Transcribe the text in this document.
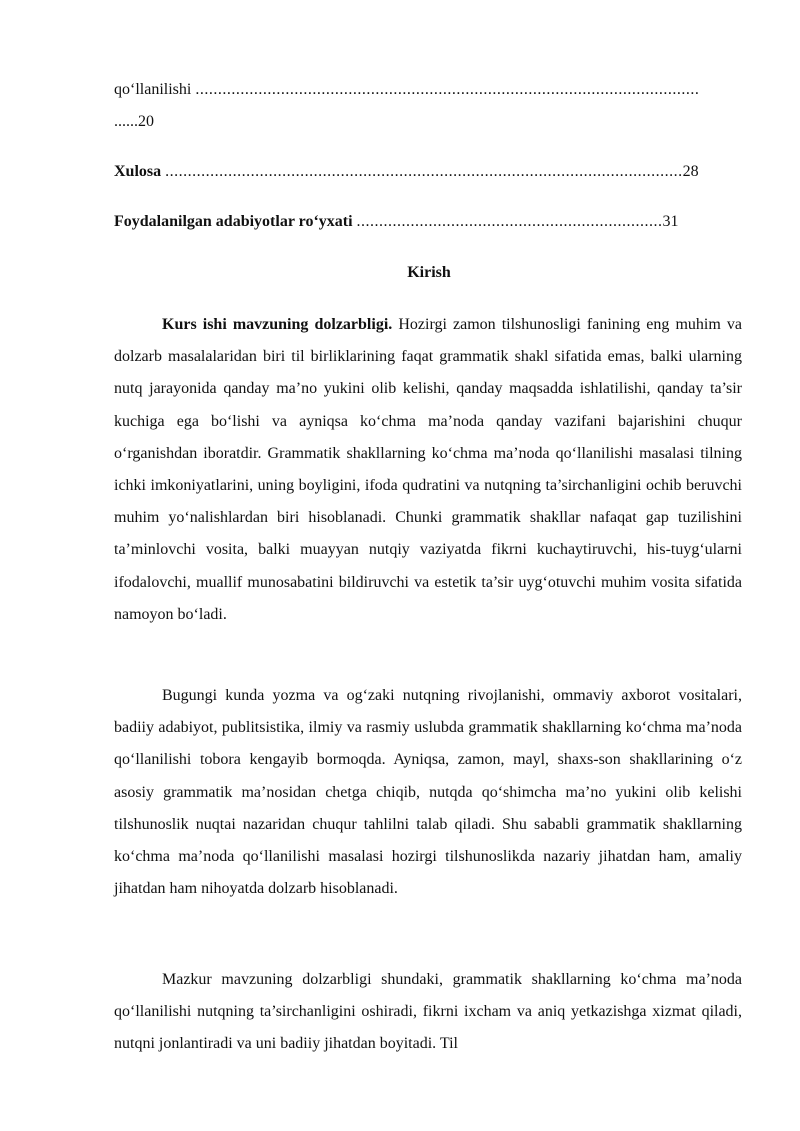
qo‘llanilishi ................................................................................................................
......20
Xulosa ...................................................................................................................28
Foydalanilgan adabiyotlar ro‘yxati ....................................................................31
Kirish

Kurs ishi mavzuning dolzarbligi. Hozirgi zamon tilshunosligi fanining eng muhim va dolzarb masalalaridan biri til birliklarining faqat grammatik shakl sifatida emas, balki ularning nutq jarayonida qanday ma’no yukini olib kelishi, qanday maqsadda ishlatilishi, qanday ta’sir kuchiga ega bo‘lishi va ayniqsa ko‘chma ma’noda qanday vazifani bajarishini chuqur o‘rganishdan iboratdir. Grammatik shakllarning ko‘chma ma’noda qo‘llanilishi masalasi tilning ichki imkoniyatlarini, uning boyligini, ifoda qudratini va nutqning ta’sirchanligini ochib beruvchi muhim yo‘nalishlardan biri hisoblanadi. Chunki grammatik shakllar nafaqat gap tuzilishini ta’minlovchi vosita, balki muayyan nutqiy vaziyatda fikrni kuchaytiruvchi, his-tuyg‘ularni ifodalovchi, muallif munosabatini bildiruvchi va estetik ta’sir uyg‘otuvchi muhim vosita sifatida namoyon bo‘ladi.

Bugungi kunda yozma va og‘zaki nutqning rivojlanishi, ommaviy axborot vositalari, badiiy adabiyot, publitsistika, ilmiy va rasmiy uslubda grammatik shakllarning ko‘chma ma’noda qo‘llanilishi tobora kengayib bormoqda. Ayniqsa, zamon, mayl, shaxs-son shakllarining o‘z asosiy grammatik ma’nosidan chetga chiqib, nutqda qo‘shimcha ma’no yukini olib kelishi tilshunoslik nuqtai nazaridan chuqur tahlilni talab qiladi. Shu sababli grammatik shakllarning ko‘chma ma’noda qo‘llanilishi masalasi hozirgi tilshunoslikda nazariy jihatdan ham, amaliy jihatdan ham nihoyatda dolzarb hisoblanadi.

Mazkur mavzuning dolzarbligi shundaki, grammatik shakllarning ko‘chma ma’noda qo‘llanilishi nutqning ta’sirchanligini oshiradi, fikrni ixcham va aniq yetkazishga xizmat qiladi, nutqni jonlantiradi va uni badiiy jihatdan boyitadi. Til
